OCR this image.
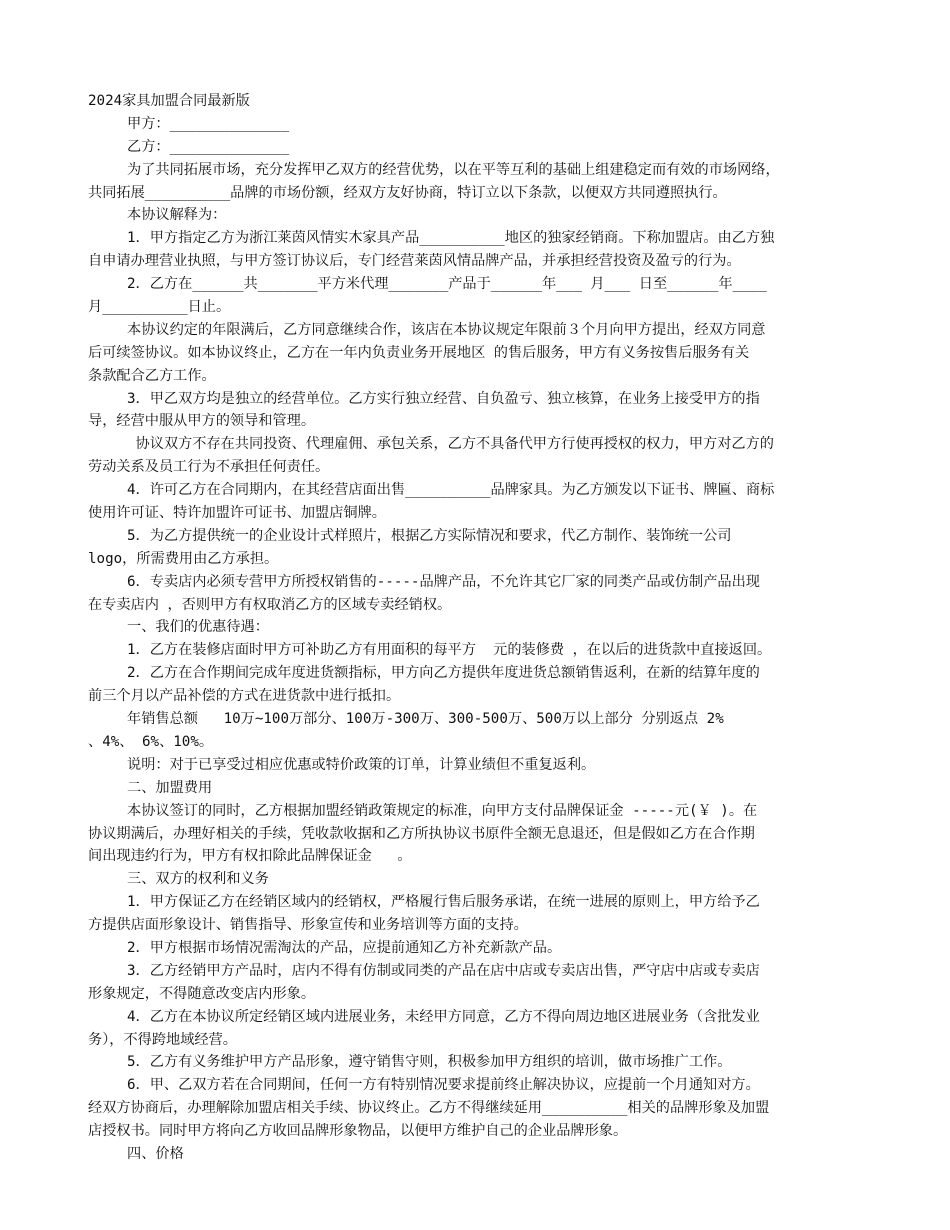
2024家具加盟合同最新版
甲方：______________
乙方：______________
为了共同拓展市场，充分发挥甲乙双方的经营优势，以在平等互利的基础上组建稳定而有效的市场网络，
共同拓展__________品牌的市场份额，经双方友好协商，特订立以下条款，以便双方共同遵照执行。
本协议解释为：
1．甲方指定乙方为浙江莱茵风情实木家具产品__________地区的独家经销商。下称加盟店。由乙方独
自申请办理营业执照，与甲方签订协议后，专门经营莱茵风情品牌产品，并承担经营投资及盈亏的行为。
2．乙方在______共_______平方米代理_______产品于______年___ 月___ 日至______年____
月__________日止。
本协议约定的年限满后，乙方同意继续合作，该店在本协议规定年限前３个月向甲方提出，经双方同意
后可续签协议。如本协议终止，乙方在一年内负责业务开展地区 的售后服务，甲方有义务按售后服务有关
条款配合乙方工作。
3．甲乙双方均是独立的经营单位。乙方实行独立经营、自负盈亏、独立核算，在业务上接受甲方的指
导，经营中服从甲方的领导和管理。
协议双方不存在共同投资、代理雇佣、承包关系，乙方不具备代甲方行使再授权的权力，甲方对乙方的
劳动关系及员工行为不承担任何责任。
4．许可乙方在合同期内，在其经营店面出售__________品牌家具。为乙方颁发以下证书、牌匾、商标
使用许可证、特许加盟许可证书、加盟店铜牌。
5．为乙方提供统一的企业设计式样照片，根据乙方实际情况和要求，代乙方制作、装饰统一公司
logo，所需费用由乙方承担。
6．专卖店内必须专营甲方所授权销售的-----品牌产品，不允许其它厂家的同类产品或仿制产品出现
在专卖店内 ，否则甲方有权取消乙方的区域专卖经销权。
一、我们的优惠待遇：
1．乙方在装修店面时甲方可补助乙方有用面积的每平方  元的装修费 ，在以后的进货款中直接返回。
2．乙方在合作期间完成年度进货额指标，甲方向乙方提供年度进货总额销售返利，在新的结算年度的
前三个月以产品补偿的方式在进货款中进行抵扣。
年销售总额   10万~100万部分、100万-300万、300-500万、500万以上部分 分别返点 2%
、4%、 6%、10%。
说明：对于已享受过相应优惠或特价政策的订单，计算业绩但不重复返利。
二、加盟费用
本协议签订的同时，乙方根据加盟经销政策规定的标准，向甲方支付品牌保证金 -----元(￥ )。在
协议期满后，办理好相关的手续，凭收款收据和乙方所执协议书原件全额无息退还，但是假如乙方在合作期
间出现违约行为，甲方有权扣除此品牌保证金   。
三、双方的权利和义务
1．甲方保证乙方在经销区域内的经销权，严格履行售后服务承诺，在统一进展的原则上，甲方给予乙
方提供店面形象设计、销售指导、形象宣传和业务培训等方面的支持。
2．甲方根据市场情况需淘汰的产品，应提前通知乙方补充新款产品。
3．乙方经销甲方产品时，店内不得有仿制或同类的产品在店中店或专卖店出售，严守店中店或专卖店
形象规定，不得随意改变店内形象。
4．乙方在本协议所定经销区域内进展业务，未经甲方同意，乙方不得向周边地区进展业务（含批发业
务），不得跨地域经营。
5．乙方有义务维护甲方产品形象，遵守销售守则，积极参加甲方组织的培训，做市场推广工作。
6．甲、乙双方若在合同期间，任何一方有特别情况要求提前终止解决协议，应提前一个月通知对方。
经双方协商后，办理解除加盟店相关手续、协议终止。乙方不得继续延用__________相关的品牌形象及加盟
店授权书。同时甲方将向乙方收回品牌形象物品，以便甲方维护自己的企业品牌形象。
四、价格
